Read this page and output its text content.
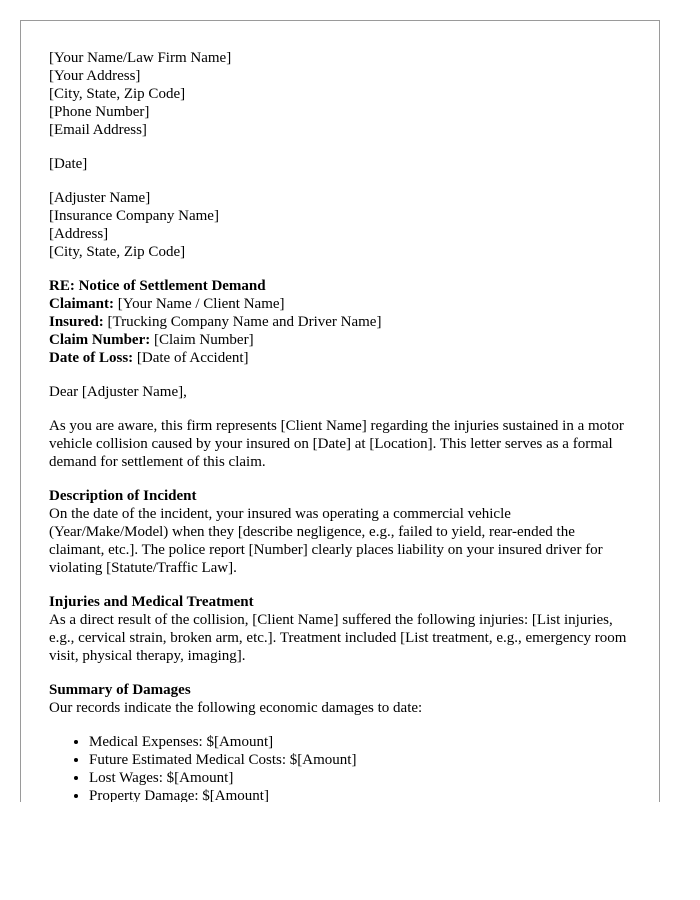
[Your Name/Law Firm Name]
[Your Address]
[City, State, Zip Code]
[Phone Number]
[Email Address]

[Date]

[Adjuster Name]
[Insurance Company Name]
[Address]
[City, State, Zip Code]

RE: Notice of Settlement Demand
Claimant: [Your Name / Client Name]
Insured: [Trucking Company Name and Driver Name]
Claim Number: [Claim Number]
Date of Loss: [Date of Accident]

Dear [Adjuster Name],

As you are aware, this firm represents [Client Name] regarding the injuries sustained in a motor vehicle collision caused by your insured on [Date] at [Location]. This letter serves as a formal demand for settlement of this claim.

Description of Incident
On the date of the incident, your insured was operating a commercial vehicle (Year/Make/Model) when they [describe negligence, e.g., failed to yield, rear-ended the claimant, etc.]. The police report [Number] clearly places liability on your insured driver for violating [Statute/Traffic Law].

Injuries and Medical Treatment
As a direct result of the collision, [Client Name] suffered the following injuries: [List injuries, e.g., cervical strain, broken arm, etc.]. Treatment included [List treatment, e.g., emergency room visit, physical therapy, imaging].

Summary of Damages
Our records indicate the following economic damages to date:

• Medical Expenses: $[Amount]
• Future Estimated Medical Costs: $[Amount]
• Lost Wages: $[Amount]
• Property Damage: $[Amount]
